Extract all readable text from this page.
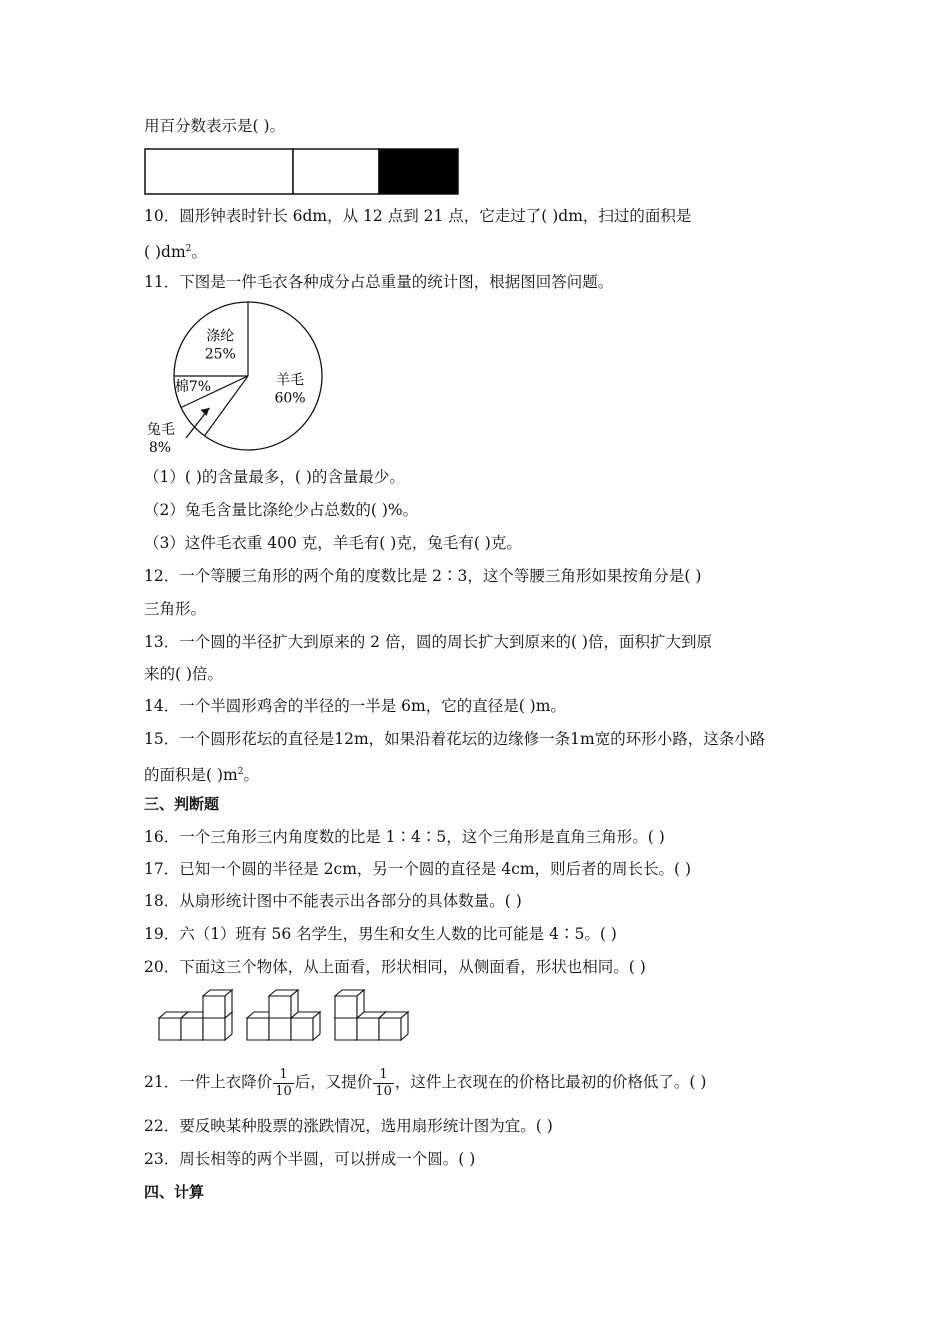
用百分数表示是( )。
10．圆形钟表时针长 6dm，从 12 点到 21 点，它走过了( )dm，扫过的面积是
( )$dm^2$。
11．下图是一件毛衣各种成分占总重量的统计图，根据图回答问题。
羊毛
60%
涤纶
25%
棉7%
兔毛
8%
（1）( )的含量最多，( )的含量最少。
（2）兔毛含量比涤纶少占总数的( )%。
（3）这件毛衣重 400 克，羊毛有( )克，兔毛有( )克。
12．一个等腰三角形的两个角的度数比是 2∶3，这个等腰三角形如果按角分是( )
三角形。
13．一个圆的半径扩大到原来的 2 倍，圆的周长扩大到原来的( )倍，面积扩大到原
来的( )倍。
14．一个半圆形鸡舍的半径的一半是 6m，它的直径是( )m。
15．一个圆形花坛的直径是12m，如果沿着花坛的边缘修一条1m宽的环形小路，这条小路
的面积是( )$m^2$。
三、判断题
16．一个三角形三内角度数的比是 1∶4∶5，这个三角形是直角三角形。( )
17．已知一个圆的半径是 2cm，另一个圆的直径是 4cm，则后者的周长长。( )
18．从扇形统计图中不能表示出各部分的具体数量。( )
19．六（1）班有 56 名学生，男生和女生人数的比可能是 4∶5。( )
20．下面这三个物体，从上面看，形状相同，从侧面看，形状也相同。( )
21．一件上衣降价 $\frac{1}{10}$ 后，又提价 $\frac{1}{10}$ ，这件上衣现在的价格比最初的价格低了。( )
22．要反映某种股票的涨跌情况，选用扇形统计图为宜。( )
23．周长相等的两个半圆，可以拼成一个圆。( )
四、计算
